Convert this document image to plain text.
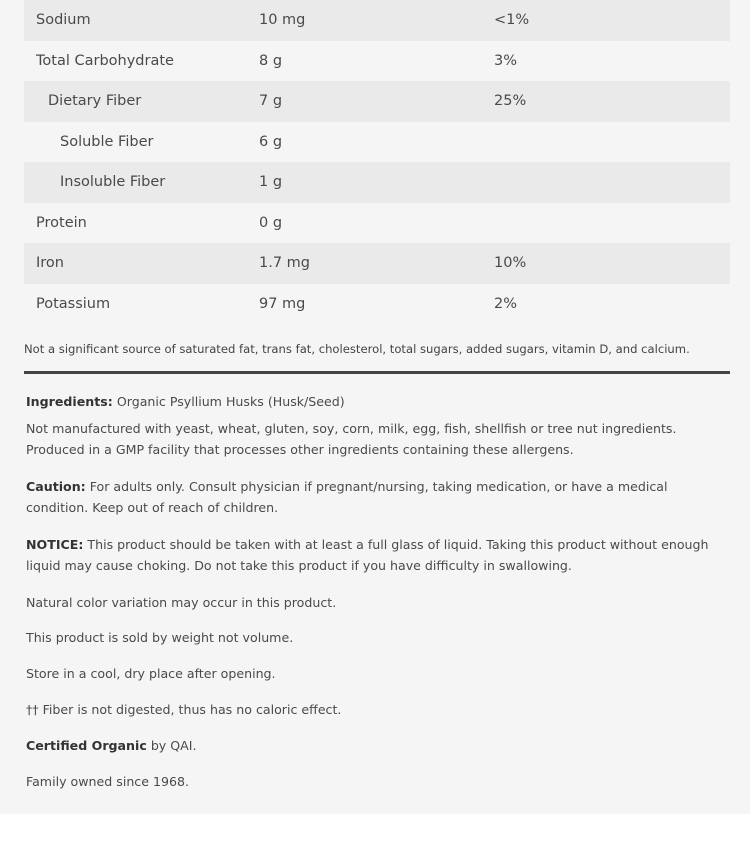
Sodium	10 mg	<1%
Total Carbohydrate	8 g	3%
Dietary Fiber	7 g	25%
Soluble Fiber	6 g
Insoluble Fiber	1 g
Protein	0 g
Iron	1.7 mg	10%
Potassium	97 mg	2%
Not a significant source of saturated fat, trans fat, cholesterol, total sugars, added sugars, vitamin D, and calcium.
Ingredients: Organic Psyllium Husks (Husk/Seed)
Not manufactured with yeast, wheat, gluten, soy, corn, milk, egg, fish, shellfish or tree nut ingredients. Produced in a GMP facility that processes other ingredients containing these allergens.
Caution: For adults only. Consult physician if pregnant/nursing, taking medication, or have a medical condition. Keep out of reach of children.
NOTICE: This product should be taken with at least a full glass of liquid. Taking this product without enough liquid may cause choking. Do not take this product if you have difficulty in swallowing.
Natural color variation may occur in this product.
This product is sold by weight not volume.
Store in a cool, dry place after opening.
†† Fiber is not digested, thus has no caloric effect.
Certified Organic by QAI.
Family owned since 1968.
